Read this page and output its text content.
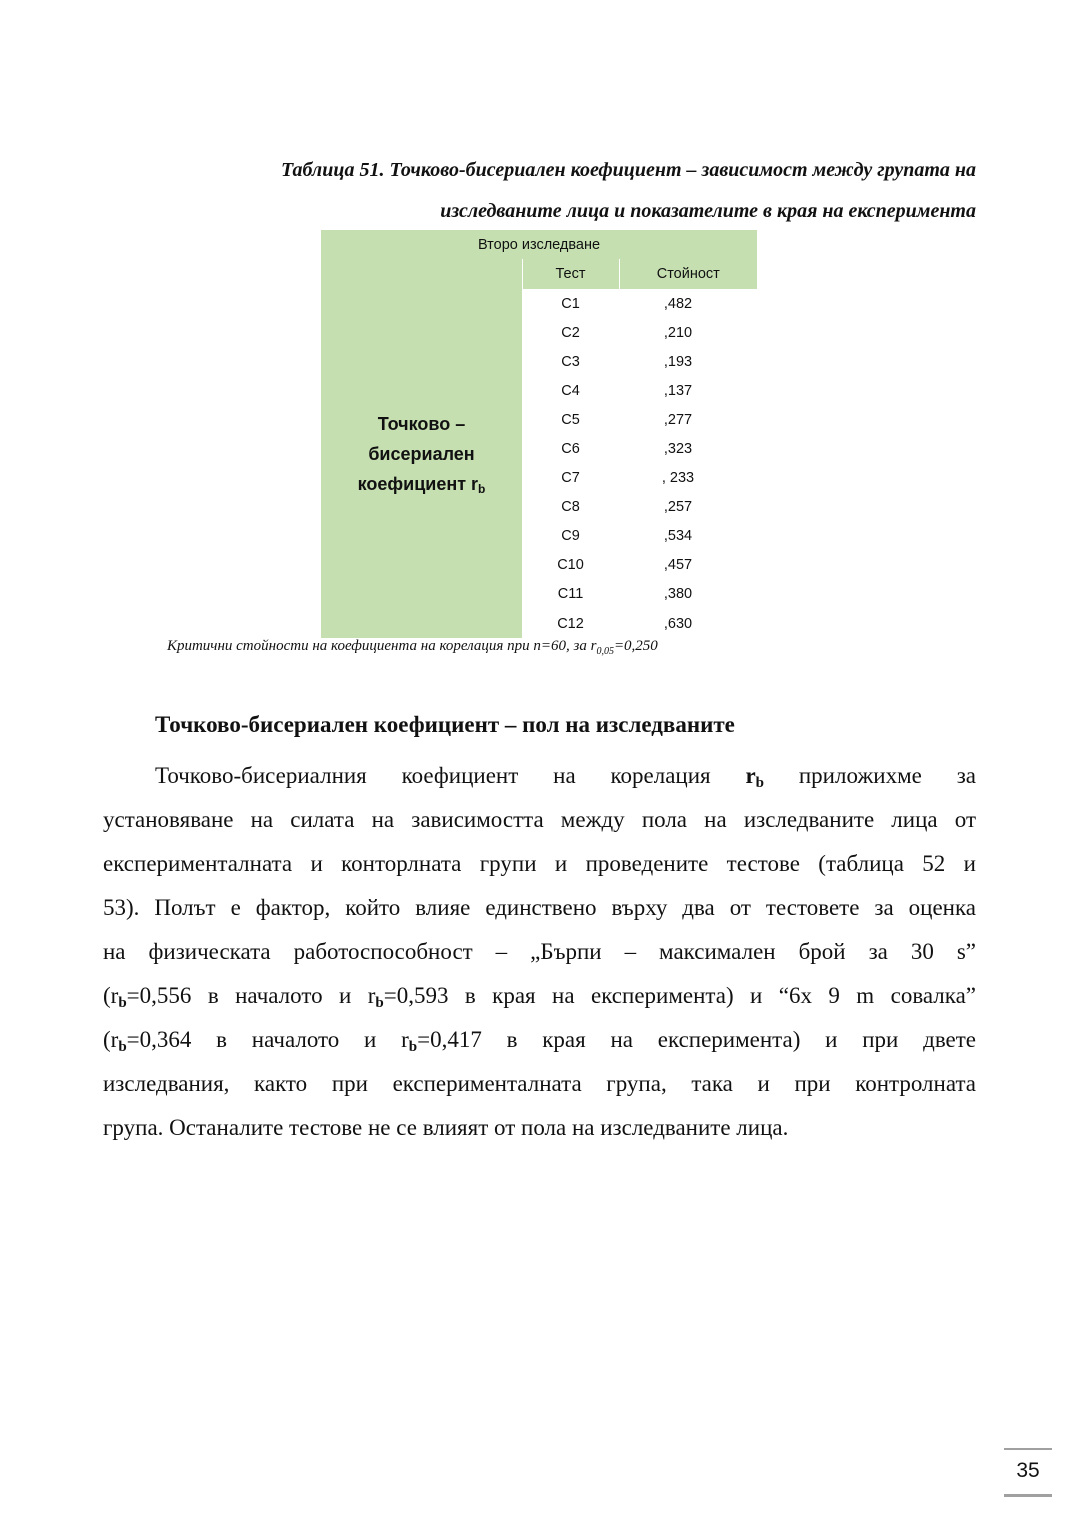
Таблица 51. Точково-бисериален коефициент – зависимост между групата на
изследваните лица и показателите в края на експеримента
Второ изследване		
	Тест	Стойност
Точково –
бисериален
коефициент $r_b$	C1	,482
	C2	,210
	C3	,193
	C4	,137
	C5	,277
	C6	,323
	C7	, 233
	C8	,257
	C9	,534
	C10	,457
	C11	,380
	C12	,630
Критични стойности на коефициента на корелация при n=60, за $r_{0,05}=0,250$
Точково-бисериален коефициент – пол на изследваните
Точково-бисериалния коефициент на корелация $r_b$ приложихме за
установяване на силата на зависимостта между пола на изследваните лица от
експерименталната и конторлната групи и проведените тестове (таблица 52 и
53). Полът е фактор, който влияе единствено върху два от тестовете за оценка
на физическата работоспособност – „Бърпи – максимален брой за 30 s”
($r_b=0,556$ в началото и $r_b=0,593$ в края на експеримента) и “6х 9 m совалка”
($r_b=0,364$ в началото и $r_b=0,417$ в края на експеримента) и при двете
изследвания, както при експерименталната група, така и при контролната
група. Останалите тестове не се влияят от пола на изследваните лица.
35
